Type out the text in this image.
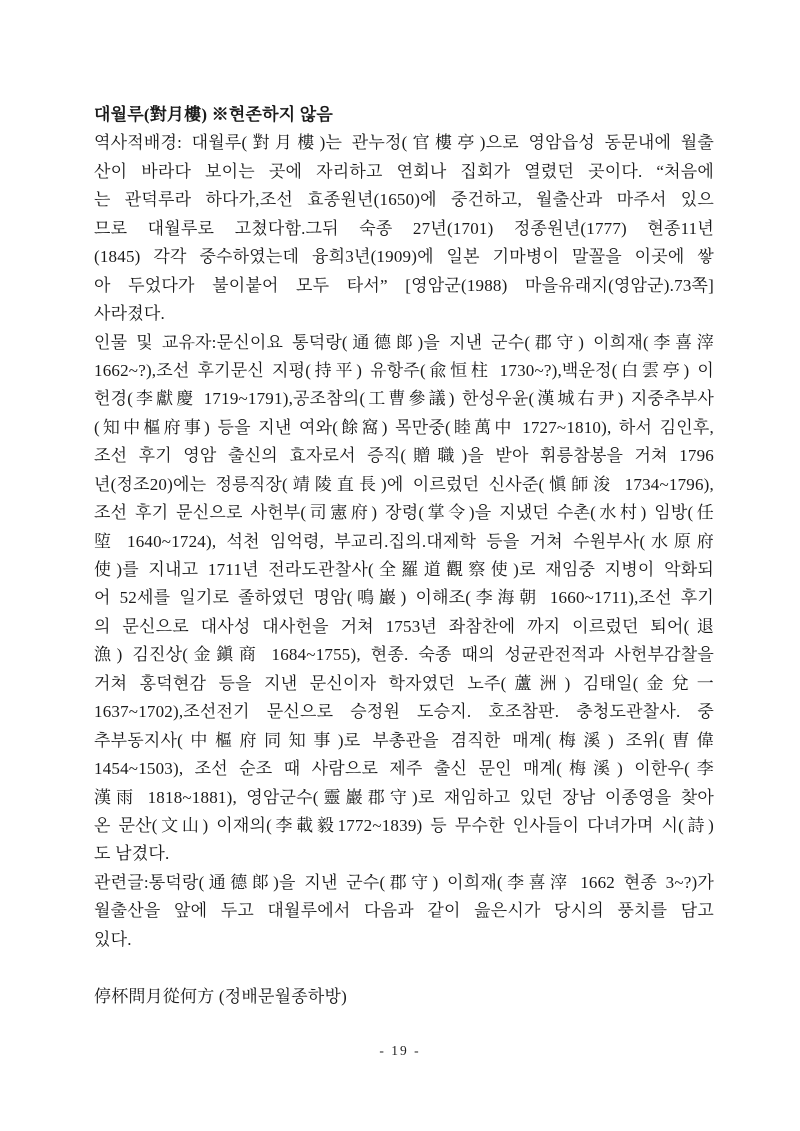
대월루(對月樓) ※현존하지 않음
역사적배경: 대월루(對月樓)는 관누정(官樓亭)으로 영암읍성 동문내에 월출
산이 바라다 보이는 곳에 자리하고 연회나 집회가 열렸던 곳이다. “처음에
는 관덕루라 하다가,조선 효종원년(1650)에 중건하고, 월출산과 마주서 있으
므로 대월루로 고쳤다함.그뒤 숙종 27년(1701) 정종원년(1777) 현종11년
(1845) 각각 중수하였는데 융희3년(1909)에 일본 기마병이 말꼴을 이곳에 쌓
아 두었다가 불이붙어 모두 타서” [영암군(1988) 마을유래지(영암군).73쪽]
사라졌다.
인물 및 교유자:문신이요 통덕랑(通德郞)을 지낸 군수(郡守) 이희재(李喜滓
1662~?),조선 후기문신 지평(持平) 유항주(兪恒柱 1730~?),백운정(白雲亭) 이
헌경(李獻慶 1719~1791),공조참의(工曹參議) 한성우윤(漢城右尹) 지중추부사
(知中樞府事) 등을 지낸 여와(餘窩) 목만중(睦萬中 1727~1810), 하서 김인후,
조선 후기 영암 출신의 효자로서 증직(贈職)을 받아 휘릉참봉을 거쳐 1796
년(정조20)에는 정릉직장(靖陵直長)에 이르렀던 신사준(愼師浚 1734~1796),
조선 후기 문신으로 사헌부(司憲府) 장령(掌令)을 지냈던 수촌(水村) 임방(任
埅 1640~1724), 석천 임억령, 부교리.집의.대제학 등을 거쳐 수원부사(水原府
使)를 지내고 1711년 전라도관찰사(全羅道觀察使)로 재임중 지병이 악화되
어 52세를 일기로 졸하였던 명암(鳴巖) 이해조(李海朝 1660~1711),조선 후기
의 문신으로 대사성 대사헌을 거쳐 1753년 좌참찬에 까지 이르렀던 퇴어(退
漁) 김진상(金鎭商 1684~1755), 현종. 숙종 때의 성균관전적과 사헌부감찰을
거쳐 홍덕현감 등을 지낸 문신이자 학자였던 노주(蘆洲) 김태일(金兌一
1637~1702),조선전기 문신으로 승정원 도승지. 호조참판. 충청도관찰사. 중
추부동지사(中樞府同知事)로 부총관을 겸직한 매계(梅溪) 조위(曺偉
1454~1503), 조선 순조 때 사람으로 제주 출신 문인 매계(梅溪) 이한우(李
漢雨 1818~1881), 영암군수(靈巖郡守)로 재임하고 있던 장남 이종영을 찾아
온 문산(文山) 이재의(李載毅1772~1839) 등 무수한 인사들이 다녀가며 시(詩)
도 남겼다.
관련글:통덕랑(通德郞)을 지낸 군수(郡守) 이희재(李喜滓 1662 현종 3~?)가
월출산을 앞에 두고 대월루에서 다음과 같이 읊은시가 당시의 풍치를 담고
있다.

停杯問月從何方 (정배문월종하방)
- 19 -
